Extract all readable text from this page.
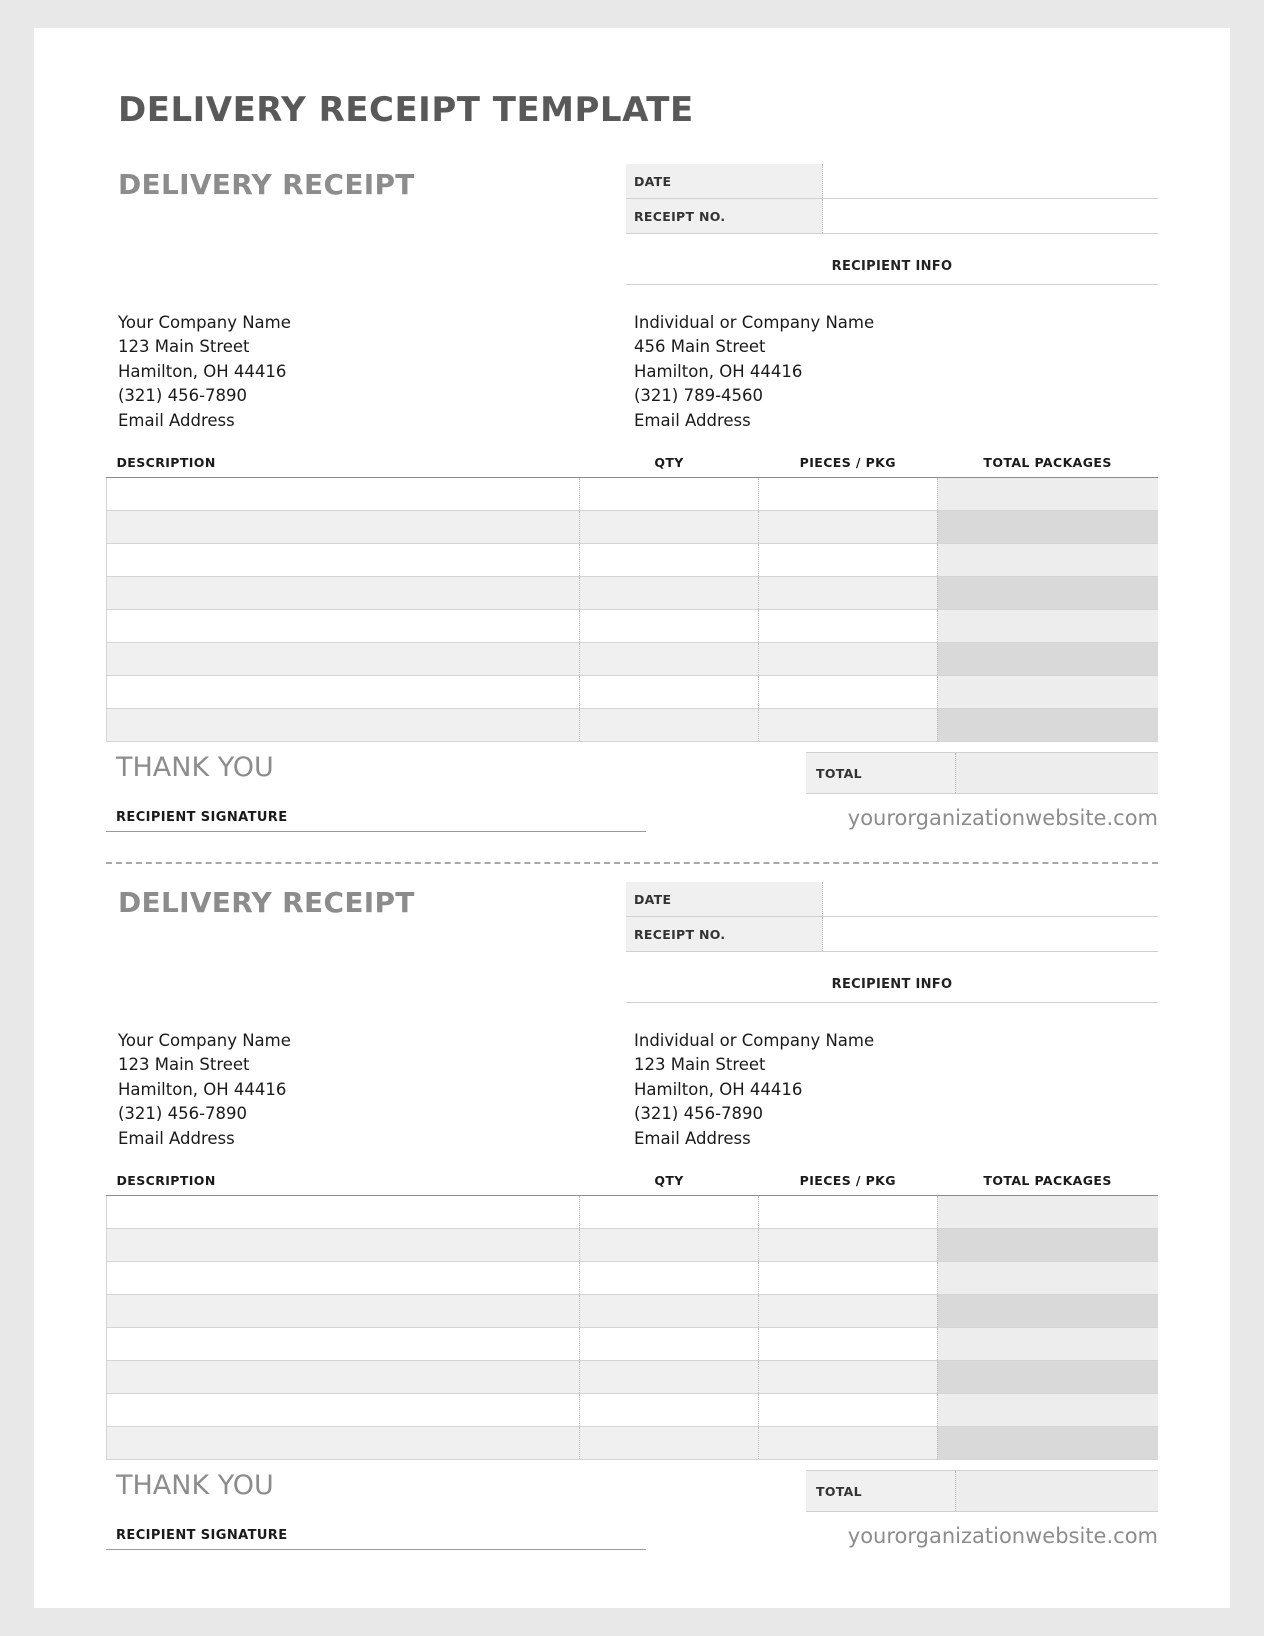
DELIVERY RECEIPT TEMPLATE
DELIVERY RECEIPT	DATE	
RECEIPT NO.	
RECIPIENT INFO	
Your Company Name
123 Main Street
Hamilton, OH 44416
(321) 456-7890
Email Address
Individual or Company Name
456 Main Street
Hamilton, OH 44416
(321) 789-4560
Email Address
DESCRIPTION	QTY	PIECES / PKG	TOTAL PACKAGES

THANK YOU	TOTAL
RECIPIENT SIGNATURE	yourorganizationwebsite.com
DELIVERY RECEIPT	DATE	
RECEIPT NO.	
RECIPIENT INFO	
Your Company Name
123 Main Street
Hamilton, OH 44416
(321) 456-7890
Email Address
Individual or Company Name
123 Main Street
Hamilton, OH 44416
(321) 456-7890
Email Address
DESCRIPTION	QTY	PIECES / PKG	TOTAL PACKAGES

THANK YOU	TOTAL
RECIPIENT SIGNATURE	yourorganizationwebsite.com
